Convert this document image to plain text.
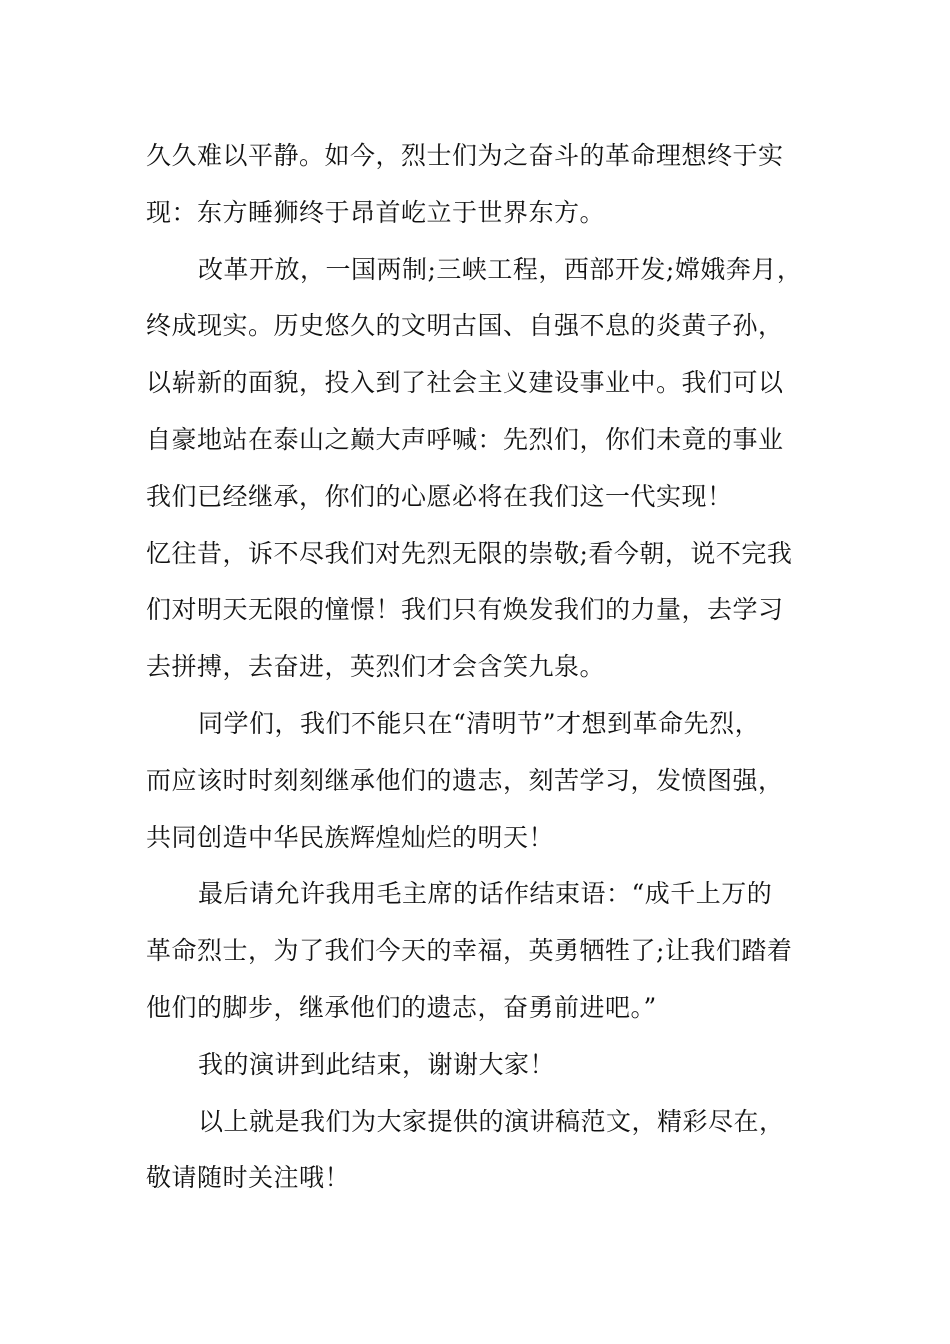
久久难以平静。如今，烈士们为之奋斗的革命理想终于实
现：东方睡狮终于昂首屹立于世界东方。
改革开放，一国两制;三峡工程，西部开发;嫦娥奔月，
终成现实。历史悠久的文明古国、自强不息的炎黄子孙，
以崭新的面貌，投入到了社会主义建设事业中。我们可以
自豪地站在泰山之巅大声呼喊：先烈们，你们未竟的事业
我们已经继承，你们的心愿必将在我们这一代实现！
忆往昔，诉不尽我们对先烈无限的崇敬;看今朝，说不完我
们对明天无限的憧憬！我们只有焕发我们的力量，去学习
去拼搏，去奋进，英烈们才会含笑九泉。
同学们，我们不能只在“清明节”才想到革命先烈，
而应该时时刻刻继承他们的遗志，刻苦学习，发愤图强，
共同创造中华民族辉煌灿烂的明天！
最后请允许我用毛主席的话作结束语：“成千上万的
革命烈士，为了我们今天的幸福，英勇牺牲了;让我们踏着
他们的脚步，继承他们的遗志，奋勇前进吧。”
我的演讲到此结束，谢谢大家！
以上就是我们为大家提供的演讲稿范文，精彩尽在，
敬请随时关注哦！
